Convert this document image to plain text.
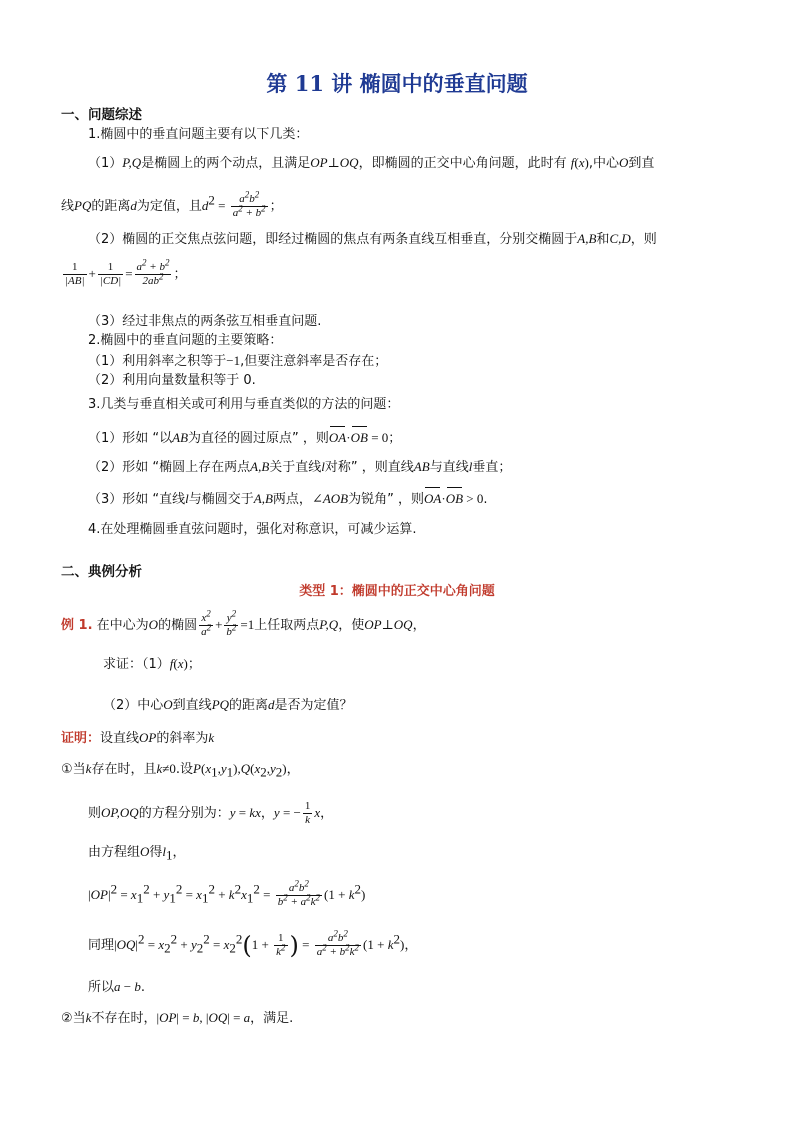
第 11 讲 椭圆中的垂直问题
一、问题综述
1.椭圆中的垂直问题主要有以下几类：
（1）P,Q是椭圆上的两个动点，且满足OP⊥OQ，即椭圆的正交中心角问题，此时有 f(x),中心O到直
线PQ的距离d为定值，且$d^2 = \frac{a^2b^2}{a^2 + b^2}$ ；
（2）椭圆的正交焦点弦问题，即经过椭圆的焦点有两条直线互相垂直，分别交椭圆于A,B和C,D，则
$\frac{1}{|AB|} + \frac{1}{|CD|} = \frac{a^2 + b^2}{2ab^2}$ ；
（3）经过非焦点的两条弦互相垂直问题.
2.椭圆中的垂直问题的主要策略：
（1）利用斜率之积等于−1,但要注意斜率是否存在；
（2）利用向量数量积等于 0.
3.几类与垂直相关或可利用与垂直类似的方法的问题：
（1）形如 “以AB为直径的圆过原点” ，则OA·OB = 0；
（2）形如 “椭圆上存在两点A,B关于直线l对称” ，则直线AB与直线l垂直；
（3）形如 “直线l与椭圆交于A,B两点，∠AOB为锐角” ，则OA·OB > 0.
4.在处理椭圆垂直弦问题时，强化对称意识，可减少运算.
二、典例分析
类型 1：椭圆中的正交中心角问题
例 1. 在中心为O的椭圆 $\frac{x^2}{a^2} + \frac{y^2}{b^2} =1$上任取两点P,Q，使OP⊥OQ，
求证：（1）f(x)；
（2）中心O到直线PQ的距离d是否为定值？
证明：设直线OP的斜率为k
①当k存在时，且k≠0.设$P(x_1,y_1),Q(x_2,y_2)$，
则OP,OQ的方程分别为：y = kx，y = − $\frac{1}{k}$ x，
由方程组O得$l_1$，
$|OP|^2 = x_1^2 + y_1^2 = x_1^2 + k^2x_1^2 = \frac{a^2b^2}{b^2 + a^2k^2} (1 + k^2)$
同理$|OQ|^2 = x_2^2 + y_2^2 = x_2^2(1 + \frac{1}{k^2}$ ) = $\frac{a^2b^2}{a^2 + b^2k^2} (1 + k^2)$，
所以a − b.
②当k不存在时，|OP| = b, |OQ| = a，满足.
